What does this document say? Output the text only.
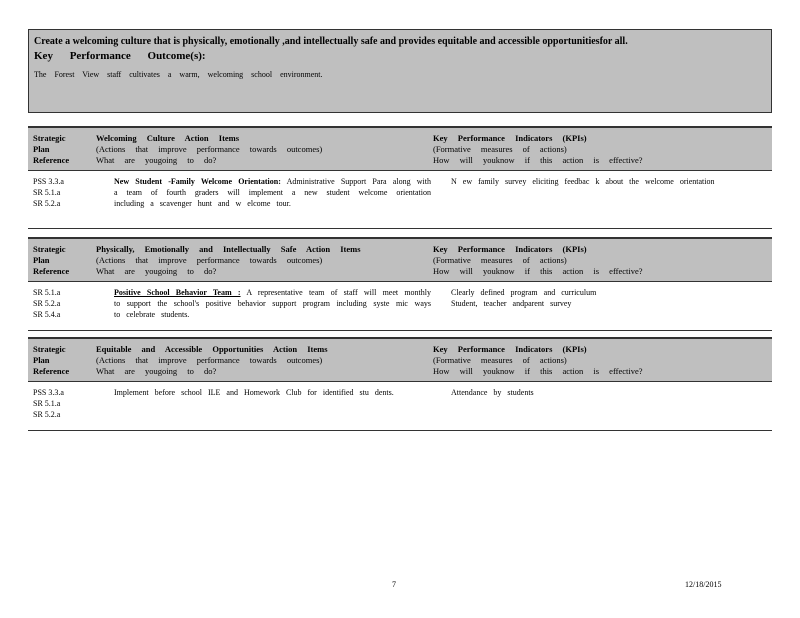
Create a welcoming culture that is physically, emotionally ,and intellectually safe and provides equitable and accessible opportunitiesfor all.
Key Performance Outcome(s):
The Forest View staff cultivates a warm, welcoming school environment.
Strategic
Plan
Reference
Welcoming Culture Action Items
(Actions that improve performance towards outcomes)
What are yougoing to do?
Key Performance Indicators (KPIs)
(Formative measures of actions)
How will youknow if this action is effective?
PSS 3.3.a
SR 5.1.a
SR 5.2.a
New Student -Family Welcome Orientation: Administrative Support Para along with a team of fourth graders will implement a new student welcome orientation including a scavenger hunt and w elcome tour.
N ew family survey eliciting feedbac k about the welcome orientation
Strategic
Plan
Reference
Physically, Emotionally and Intellectually Safe Action Items
(Actions that improve performance towards outcomes)
What are yougoing to do?
Key Performance Indicators (KPIs)
(Formative measures of actions)
How will youknow if this action is effective?
SR 5.1.a
SR 5.2.a
SR 5.4.a
Positive School Behavior Team : A representative team of staff will meet monthly to support the school's positive behavior support program including syste mic ways to celebrate students.
Clearly defined program and curriculum
Student, teacher andparent survey
Strategic
Plan
Reference
Equitable and Accessible Opportunities Action Items
(Actions that improve performance towards outcomes)
What are yougoing to do?
Key Performance Indicators (KPIs)
(Formative measures of actions)
How will youknow if this action is effective?
PSS 3.3.a
SR 5.1.a
SR 5.2.a
Implement before school ILE and Homework Club for identified stu dents.	Attendance by students
7	12/18/2015
